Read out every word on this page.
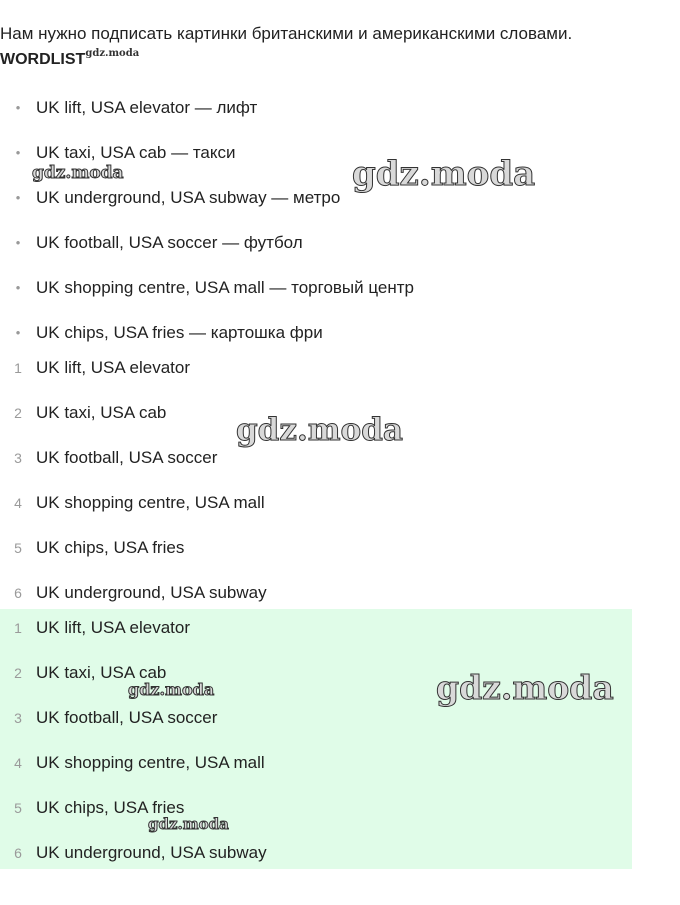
Нам нужно подписать картинки британскими и американскими словами.

$WORDLIST^{gdz.moda}$
• UK lift, USA elevator — лифт
• UK taxi, USA cab — такси
• UK underground, USA subway — метро
• UK football, USA soccer — футбол
• UK shopping centre, USA mall — торговый центр
• UK chips, USA fries — картошка фри
1 UK lift, USA elevator
2 UK taxi, USA cab
3 UK football, USA soccer
4 UK shopping centre, USA mall
5 UK chips, USA fries
6 UK underground, USA subway
1 UK lift, USA elevator
2 UK taxi, USA cab
3 UK football, USA soccer
4 UK shopping centre, USA mall
5 UK chips, USA fries
6 UK underground, USA subway
gdz.moda	gdz.moda
gdz.moda
gdz.moda	gdz.moda
gdz.moda
